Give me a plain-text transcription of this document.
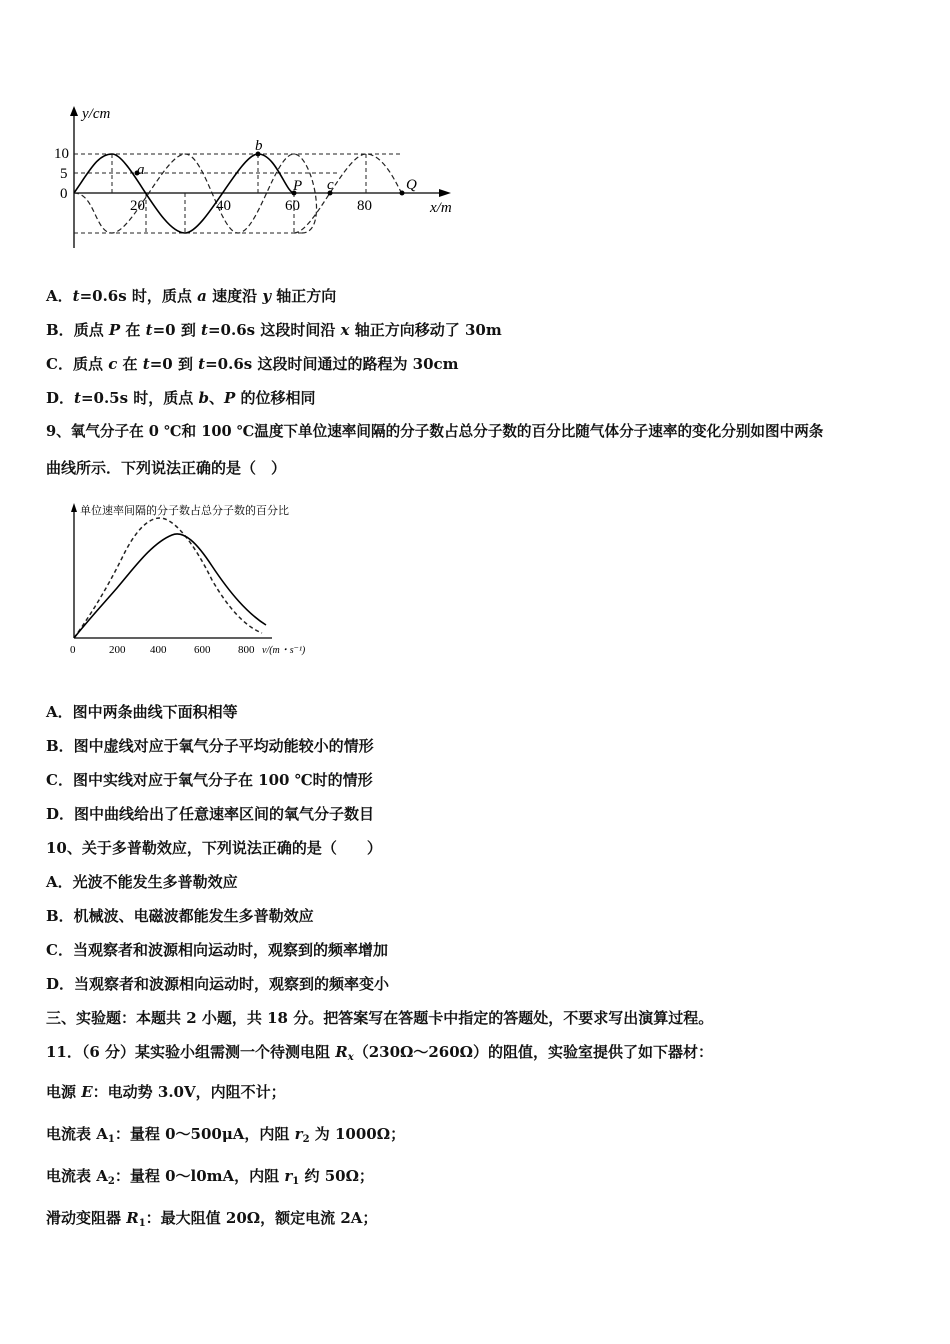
y/cm
x/m
10
5
0
20	40	60	80
a
b
P c	Q
A．t=0.6s 时，质点 a 速度沿 y 轴正方向
B．质点 P 在 t=0 到 t=0.6s 这段时间沿 x 轴正方向移动了 30m
C．质点 c 在 t=0 到 t=0.6s 这段时间通过的路程为 30cm
D．t=0.5s 时，质点 b、P 的位移相同
9、氧气分子在 0 ℃和 100 ℃温度下单位速率间隔的分子数占总分子数的百分比随气体分子速率的变化分别如图中两条
曲线所示．下列说法正确的是（　）
单位速率间隔的分子数占总分子数的百分比
0	200 400	600	800 v/(m・s⁻¹)
A．图中两条曲线下面积相等
B．图中虚线对应于氧气分子平均动能较小的情形
C．图中实线对应于氧气分子在 100 ℃时的情形
D．图中曲线给出了任意速率区间的氧气分子数目
10、关于多普勒效应，下列说法正确的是（　　）
A．光波不能发生多普勒效应
B．机械波、电磁波都能发生多普勒效应
C．当观察者和波源相向运动时，观察到的频率增加
D．当观察者和波源相向运动时，观察到的频率变小
三、实验题：本题共 2 小题，共 18 分。把答案写在答题卡中指定的答题处，不要求写出演算过程。
11．（6 分）某实验小组需测一个待测电阻 $R_x(230\Omega\sim 260\Omega)$的阻值，实验室提供了如下器材：
电源 E：电动势 3.0V，内阻不计；
电流表 $A_1$：量程 0～500μA，内阻 $r_2$ 为 1000Ω；
电流表 $A_2$：量程 0～l0mA，内阻 $r_1$ 约 50Ω；
滑动变阻器 $R_1$：最大阻值 20Ω，额定电流 2A；
